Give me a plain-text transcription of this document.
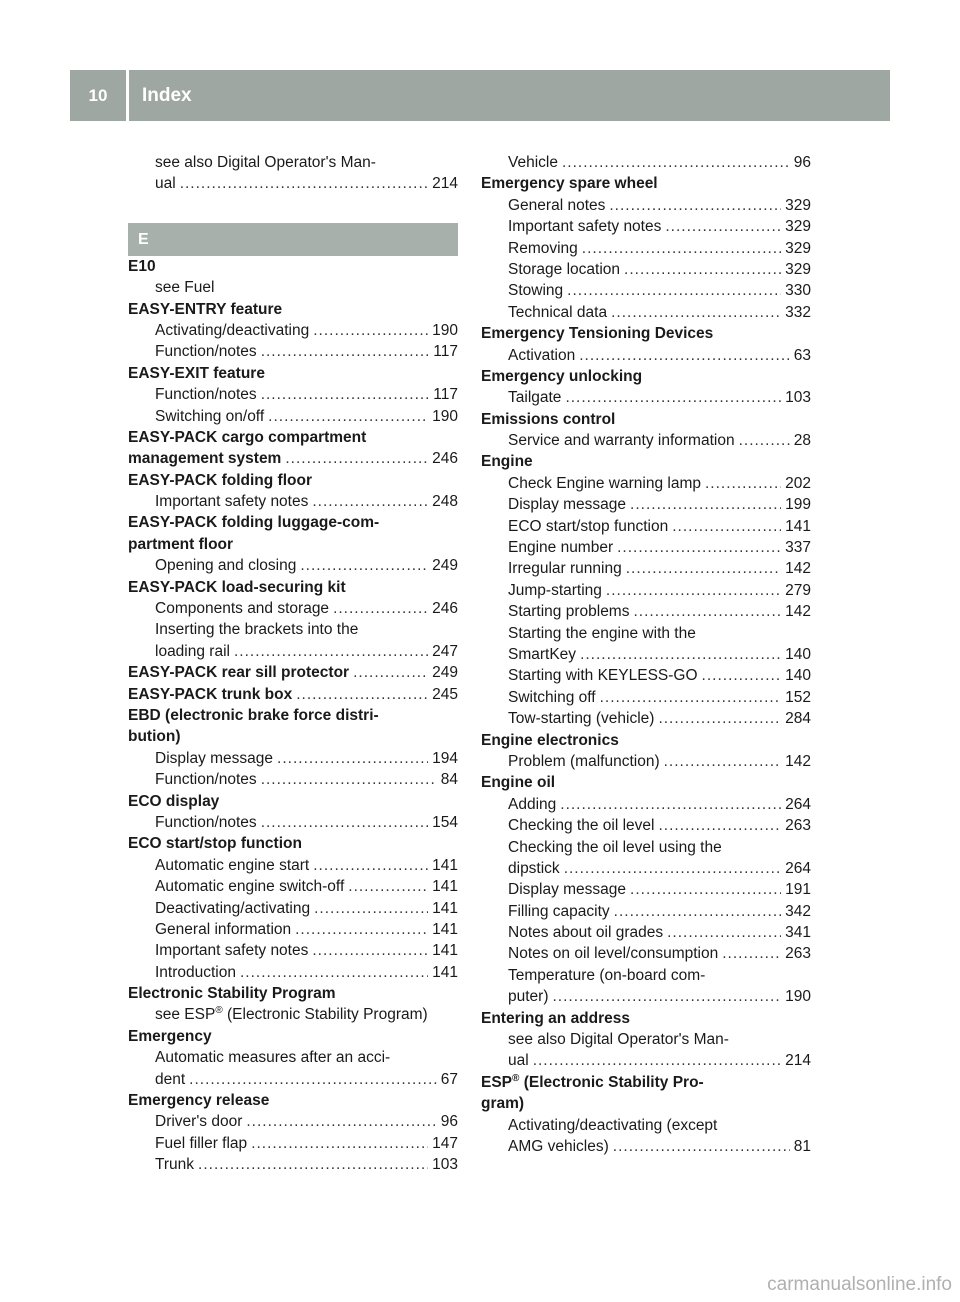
10	Index
see also Digital Operator's Man-
ual .....	214
E
E10
see Fuel
EASY-ENTRY feature
Activating/deactivating .....	190
Function/notes .....	117
EASY-EXIT feature
Function/notes .....	117
Switching on/off .....	190
EASY-PACK cargo compartment
management system .....	246
EASY-PACK folding floor
Important safety notes .....	248
EASY-PACK folding luggage-com-
partment floor
Opening and closing .....	249
EASY-PACK load-securing kit
Components and storage .....	246
Inserting the brackets into the
loading rail .....	247
EASY-PACK rear sill protector .....	249
EASY-PACK trunk box .....	245
EBD (electronic brake force distri-
bution)
Display message .....	194
Function/notes .....	84
ECO display
Function/notes .....	154
ECO start/stop function
Automatic engine start .....	141
Automatic engine switch-off .....	141
Deactivating/activating .....	141
General information .....	141
Important safety notes .....	141
Introduction .....	141
Electronic Stability Program
see ESP® (Electronic Stability Program)
Emergency
Automatic measures after an acci-
dent .....	67
Emergency release
Driver's door .....	96
Fuel filler flap .....	147
Trunk .....	103
Vehicle .....	96
Emergency spare wheel
General notes .....	329
Important safety notes .....	329
Removing .....	329
Storage location .....	329
Stowing .....	330
Technical data .....	332
Emergency Tensioning Devices
Activation .....	63
Emergency unlocking
Tailgate .....	103
Emissions control
Service and warranty information .....	28
Engine
Check Engine warning lamp .....	202
Display message .....	199
ECO start/stop function .....	141
Engine number .....	337
Irregular running .....	142
Jump-starting .....	279
Starting problems .....	142
Starting the engine with the
SmartKey .....	140
Starting with KEYLESS-GO .....	140
Switching off .....	152
Tow-starting (vehicle) .....	284
Engine electronics
Problem (malfunction) .....	142
Engine oil
Adding .....	264
Checking the oil level .....	263
Checking the oil level using the
dipstick .....	264
Display message .....	191
Filling capacity .....	342
Notes about oil grades .....	341
Notes on oil level/consumption .....	263
Temperature (on-board com-
puter) .....	190
Entering an address
see also Digital Operator's Man-
ual .....	214
ESP® (Electronic Stability Pro-
gram)
Activating/deactivating (except
AMG vehicles) .....	81
carmanualsonline.info
